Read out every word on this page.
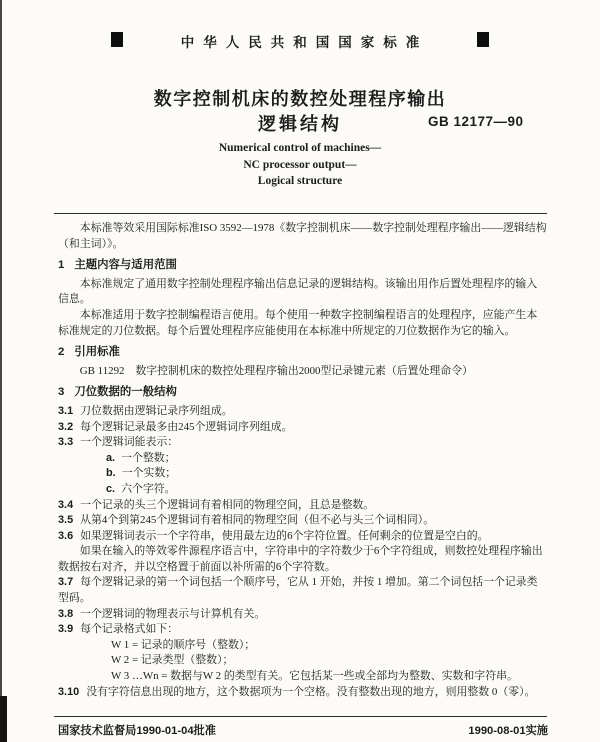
中华人民共和国国家标准
数字控制机床的数控处理程序输出
逻辑结构	GB 12177—90
Numerical control of machines—
NC processor output—
Logical structure

本标准等效采用国际标准ISO 3592—1978《数字控制机床——数字控制处理程序输出——逻辑结构（和主词）》。

1 主题内容与适用范围

本标准规定了通用数字控制处理程序输出信息记录的逻辑结构。该输出用作后置处理程序的输入信息。

本标准适用于数字控制编程语言使用。每个使用一种数字控制编程语言的处理程序，应能产生本标准规定的刀位数据。每个后置处理程序应能使用在本标准中所规定的刀位数据作为它的输入。

2 引用标准

GB 11292　数字控制机床的数控处理程序输出2000型记录键元素（后置处理命令）

3 刀位数据的一般结构

3.1 刀位数据由逻辑记录序列组成。

3.2 每个逻辑记录最多由245个逻辑词序列组成。

3.3 一个逻辑词能表示：

a. 一个整数；

b. 一个实数；

c. 六个字符。

3.4 一个记录的头三个逻辑词有着相同的物理空间，且总是整数。

3.5 从第4个到第245个逻辑词有着相同的物理空间（但不必与头三个词相同）。

3.6 如果逻辑词表示一个字符串，使用最左边的6个字符位置。任何剩余的位置是空白的。

如果在输入的等效零件源程序语言中，字符串中的字符数少于6个字符组成，则数控处理程序输出数据按右对齐，并以空格置于前面以补所需的6个字符数。

3.7 每个逻辑记录的第一个词包括一个顺序号，它从 1 开始，并按 1 增加。第二个词包括一个记录类型码。

3.8 一个逻辑词的物理表示与计算机有关。

3.9 每个记录格式如下：

W 1 = 记录的顺序号（整数）；

W 2 = 记录类型（整数）；

W 3 …Wn = 数据与W 2 的类型有关。它包括某一些或全部均为整数、实数和字符串。

3.10 没有字符信息出现的地方，这个数据项为一个空格。没有整数出现的地方，则用整数 0（零）。

国家技术监督局1990-01-04批准	1990-08-01实施
